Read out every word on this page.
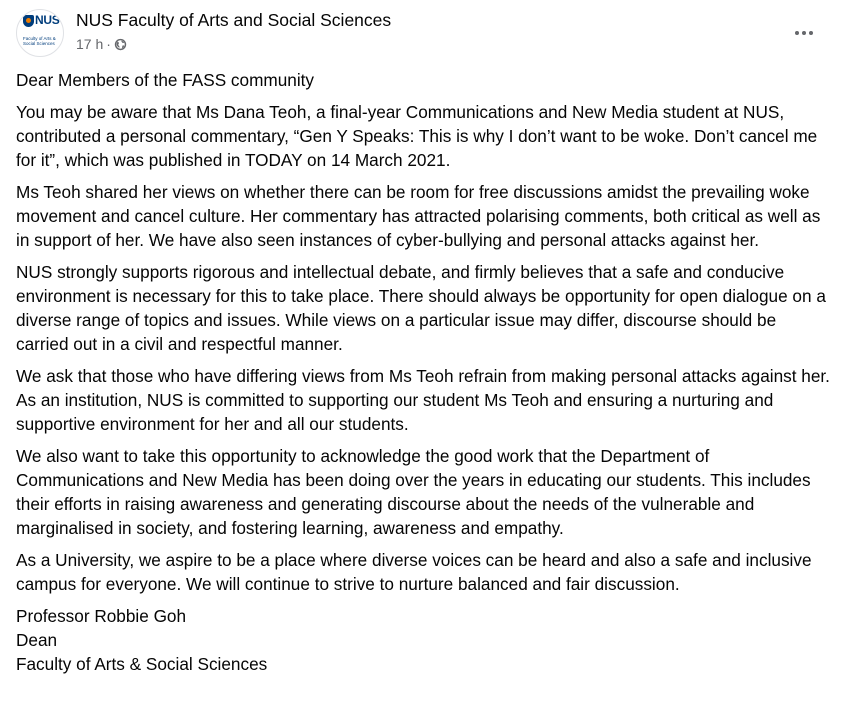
NUS
Faculty of Arts & Social Sciences
NUS Faculty of Arts and Social Sciences
17 h ·

Dear Members of the FASS community

You may be aware that Ms Dana Teoh, a final-year Communications and New Media student at NUS, contributed a personal commentary, “Gen Y Speaks: This is why I don’t want to be woke. Don’t cancel me for it”, which was published in TODAY on 14 March 2021.

Ms Teoh shared her views on whether there can be room for free discussions amidst the prevailing woke movement and cancel culture. Her commentary has attracted polarising comments, both critical as well as in support of her. We have also seen instances of cyber-bullying and personal attacks against her.

NUS strongly supports rigorous and intellectual debate, and firmly believes that a safe and conducive environment is necessary for this to take place. There should always be opportunity for open dialogue on a diverse range of topics and issues. While views on a particular issue may differ, discourse should be carried out in a civil and respectful manner.

We ask that those who have differing views from Ms Teoh refrain from making personal attacks against her. As an institution, NUS is committed to supporting our student Ms Teoh and ensuring a nurturing and supportive environment for her and all our students.

We also want to take this opportunity to acknowledge the good work that the Department of Communications and New Media has been doing over the years in educating our students. This includes their efforts in raising awareness and generating discourse about the needs of the vulnerable and marginalised in society, and fostering learning, awareness and empathy.

As a University, we aspire to be a place where diverse voices can be heard and also a safe and inclusive campus for everyone. We will continue to strive to nurture balanced and fair discussion.

Professor Robbie Goh

Dean

Faculty of Arts & Social Sciences
